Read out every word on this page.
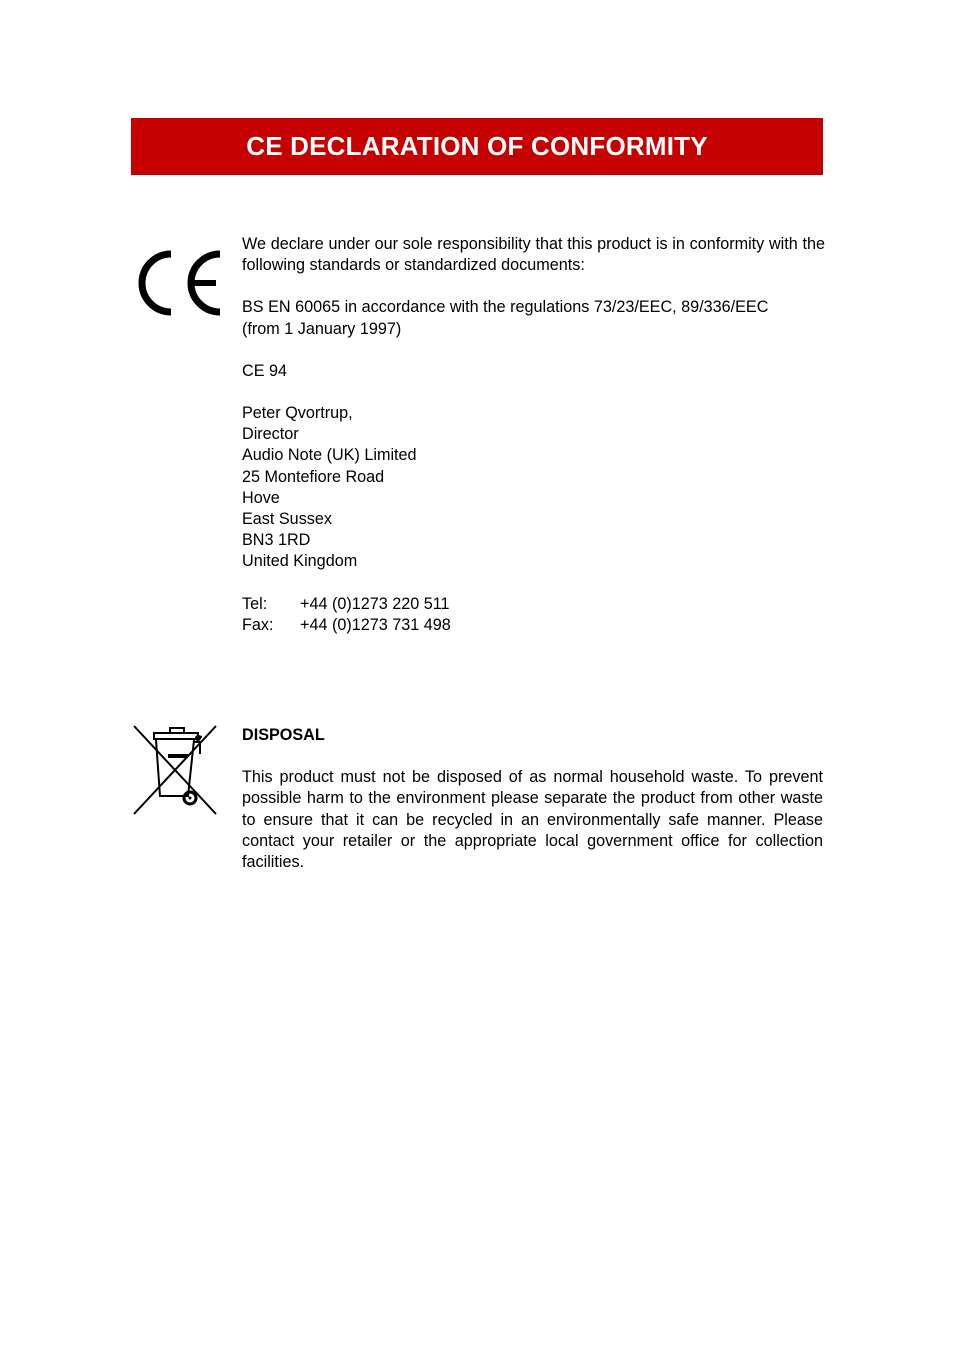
CE DECLARATION OF CONFORMITY

We declare under our sole responsibility that this product is in conformity with the following standards or standardized documents:

BS EN 60065 in accordance with the regulations 73/23/EEC, 89/336/EEC

(from 1 January 1997)

CE 94

Peter Qvortrup,

Director

Audio Note (UK) Limited

25 Montefiore Road

Hove

East Sussex

BN3 1RD

United Kingdom

Tel:	+44 (0)1273 220 511
Fax:	+44 (0)1273 731 498

DISPOSAL

This product must not be disposed of as normal household waste. To prevent possible harm to the environment please separate the product from other waste to ensure that it can be recycled in an environmentally safe manner. Please contact your retailer or the appropriate local government office for collection facilities.
